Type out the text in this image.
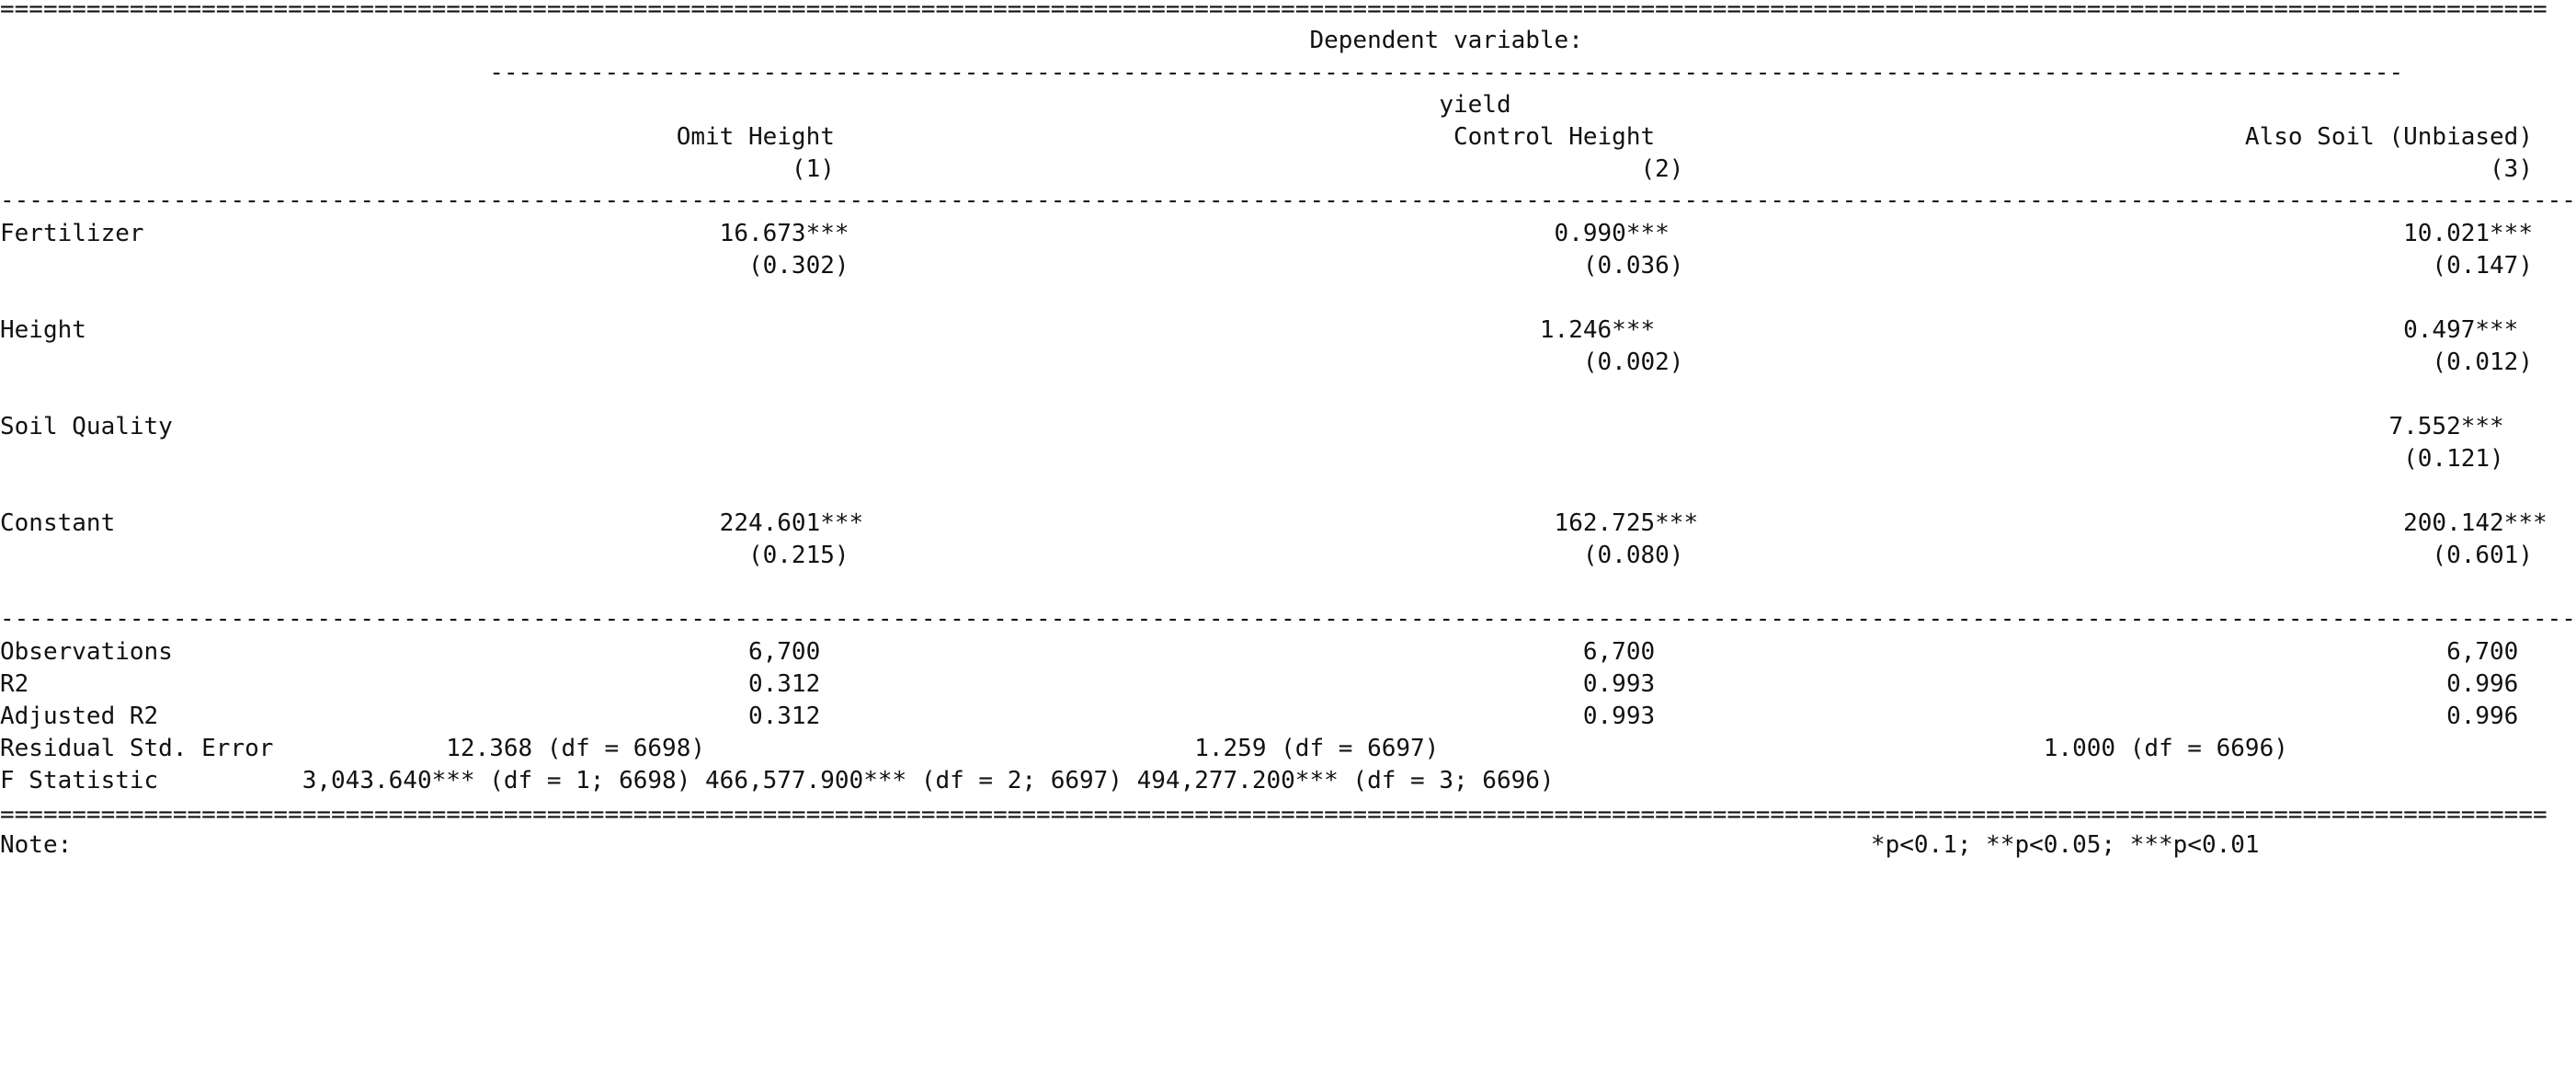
=================================================================================================================================================================================
Dependent variable:
-------------------------------------------------------------------------------------------------------------------------------------
yield
Omit Height                                           Control Height                                         Also Soil (Unbiased)
(1)                                                        (2)                                                        (3)
-----------------------------------------------------------------------------------------------------------------------------------------------------------------------------------
Fertilizer                                        16.673***                                                 0.990***                                                   10.021***
(0.302)                                                   (0.036)                                                    (0.147)
Height                                                                                                     1.246***                                                    0.497***
(0.002)                                                    (0.012)
Soil Quality                                                                                                                                                          7.552***
(0.121)
Constant                                          224.601***                                                162.725***                                                 200.142***
(0.215)                                                   (0.080)                                                    (0.601)
-----------------------------------------------------------------------------------------------------------------------------------------------------------------------------------
Observations                                        6,700                                                     6,700                                                       6,700
R2                                                  0.312                                                     0.993                                                       0.996
Adjusted R2                                         0.312                                                     0.993                                                       0.996
Residual Std. Error            12.368 (df = 6698)                                  1.259 (df = 6697)                                          1.000 (df = 6696)
F Statistic          3,043.640*** (df = 1; 6698) 466,577.900*** (df = 2; 6697) 494,277.200*** (df = 3; 6696)
=================================================================================================================================================================================
Note:                                                                                                                             *p<0.1; **p<0.05; ***p<0.01
